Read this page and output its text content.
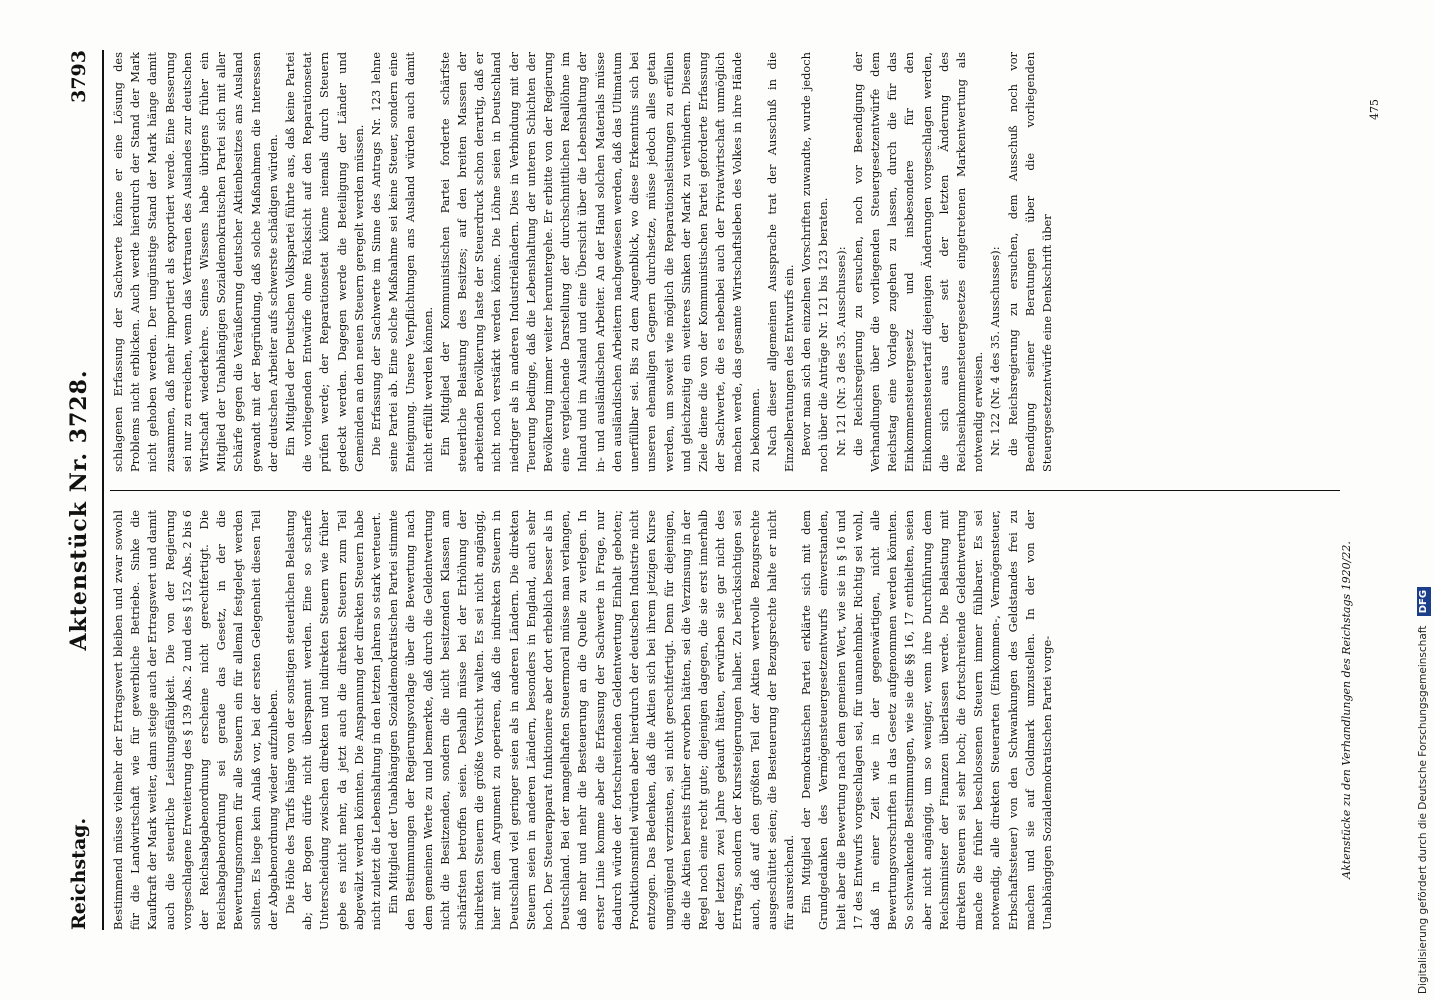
Reichstag.
Aktenstück Nr. 3728.
3793

Bestimmend müsse vielmehr der Ertragswert bleiben und zwar sowohl für die Landwirtschaft wie für gewerbliche Betriebe. Sinke die Kaufkraft der Mark weiter, dann steige auch der Ertragswert und damit auch die steuerliche Leistungsfähigkeit. Die von der Regierung vorgeschlagene Erweiterung des § 139 Abs. 2 und des § 152 Abs. 2 bis 6 der Reichsabgabenordnung erscheine nicht gerechtfertigt. Die Reichsabgabenordnung sei gerade das Gesetz, in der die Bewertungsnormen für alle Steuern ein für allemal festgelegt werden sollten. Es liege kein Anlaß vor, bei der ersten Gelegenheit diesen Teil der Abgabenordnung wieder aufzuheben. Die Höhe des Tarifs hänge von der sonstigen steuerlichen Belastung ab; der Bogen dürfe nicht überspannt werden. Eine so scharfe Unterscheidung zwischen direkten und indirekten Steuern wie früher gebe es nicht mehr, da jetzt auch die direkten Steuern zum Teil abgewälzt werden könnten. Die Anspannung der direkten Steuern habe nicht zuletzt die Lebenshaltung in den letzten Jahren so stark verteuert. Ein Mitglied der Unabhängigen Sozialdemokratischen Partei stimmte den Bestimmungen der Regierungsvorlage über die Bewertung nach dem gemeinen Werte zu und bemerkte, daß durch die Geldentwertung nicht die Besitzenden, sondern die nicht besitzenden Klassen am schärfsten betroffen seien. Deshalb müsse bei der Erhöhung der indirekten Steuern die größte Vorsicht walten. Es sei nicht angängig, hier mit dem Argument zu operieren, daß die indirekten Steuern in Deutschland viel geringer seien als in anderen Ländern. Die direkten Steuern seien in anderen Ländern, besonders in England, auch sehr hoch. Der Steuerapparat funktioniere aber dort erheblich besser als in Deutschland. Bei der mangelhaften Steuermoral müsse man verlangen, daß mehr und mehr die Besteuerung an die Quelle zu verlegen. In erster Linie komme aber die Erfassung der Sachwerte in Frage, nur dadurch würde der fortschreitenden Geldentwertung Einhalt geboten; Produktionsmittel würden aber hierdurch der deutschen Industrie nicht entzogen. Das Bedenken, daß die Aktien sich bei ihrem jetzigen Kurse ungenügend verzinsten, sei nicht gerechtfertigt. Denn für diejenigen, die die Aktien bereits früher erworben hätten, sei die Verzinsung in der Regel noch eine recht gute; diejenigen dagegen, die sie erst innerhalb der letzten zwei Jahre gekauft hätten, erwürben sie gar nicht des Ertrags, sondern der Kurssteigerungen halber. Zu berücksichtigen sei auch, daß auf den größten Teil der Aktien wertvolle Bezugsrechte ausgeschüttet seien; die Besteuerung der Bezugsrechte halte er nicht für ausreichend. Ein Mitglied der Demokratischen Partei erklärte sich mit dem Grundgedanken des Vermögensteuergesetzentwurfs einverstanden, hielt aber die Bewertung nach dem gemeinen Wert, wie sie in § 16 und 17 des Entwurfs vorgeschlagen sei, für unannehmbar. Richtig sei wohl, daß in einer Zeit wie in der gegenwärtigen, nicht alle Bewertungsvorschriften in das Gesetz aufgenommen werden könnten. So schwankende Bestimmungen, wie sie die §§ 16, 17 enthielten, seien aber nicht angängig, um so weniger, wenn ihre Durchführung dem Reichsminister der Finanzen überlassen werde. Die Belastung mit direkten Steuern sei sehr hoch; die fortschreitende Geldentwertung mache die früher beschlossenen Steuern immer fühlbarer. Es sei notwendig, alle direkten Steuerarten (Einkommen-, Vermögensteuer, Erbschaftssteuer) von den Schwankungen des Geldstandes frei zu machen und sie auf Goldmark umzustellen. In der von der Unabhängigen Sozialdemokratischen Partei vorge-

schlagenen Erfassung der Sachwerte könne er eine Lösung des Problems nicht erblicken. Auch werde hierdurch der Stand der Mark nicht gehoben werden. Der ungünstige Stand der Mark hänge damit zusammen, daß mehr importiert als exportiert werde. Eine Besserung sei nur zu erreichen, wenn das Vertrauen des Auslandes zur deutschen Wirtschaft wiederkehre. Seines Wissens habe übrigens früher ein Mitglied der Unabhängigen Sozialdemokratischen Partei sich mit aller Schärfe gegen die Veräußerung deutscher Aktienbesitzes ans Ausland gewandt mit der Begründung, daß solche Maßnahmen die Interessen der deutschen Arbeiter aufs schwerste schädigen würden. Ein Mitglied der Deutschen Volkspartei führte aus, daß keine Partei die vorliegenden Entwürfe ohne Rücksicht auf den Reparationsetat prüfen werde; der Reparationsetat könne niemals durch Steuern gedeckt werden. Dagegen werde die Beteiligung der Länder und Gemeinden an den neuen Steuern geregelt werden müssen. Die Erfassung der Sachwerte im Sinne des Antrags Nr. 123 lehne seine Partei ab. Eine solche Maßnahme sei keine Steuer, sondern eine Enteignung. Unsere Verpflichtungen ans Ausland würden auch damit nicht erfüllt werden können. Ein Mitglied der Kommunistischen Partei forderte schärfste steuerliche Belastung des Besitzes; auf den breiten Massen der arbeitenden Bevölkerung laste der Steuerdruck schon derartig, daß er nicht noch verstärkt werden könne. Die Löhne seien in Deutschland niedriger als in anderen Industrieländern. Dies in Verbindung mit der Teuerung bedinge, daß die Lebenshaltung der unteren Schichten der Bevölkerung immer weiter heruntergehe. Er erbitte von der Regierung eine vergleichende Darstellung der durchschnittlichen Reallöhne im Inland und im Ausland und eine Übersicht über die Lebenshaltung der in- und ausländischen Arbeiter. An der Hand solchen Materials müsse den ausländischen Arbeitern nachgewiesen werden, daß das Ultimatum unerfüllbar sei. Bis zu dem Augenblick, wo diese Erkenntnis sich bei unseren ehemaligen Gegnern durchsetze, müsse jedoch alles getan werden, um soweit wie möglich die Reparationsleistungen zu erfüllen und gleichzeitig ein weiteres Sinken der Mark zu verhindern. Diesem Ziele diene die von der Kommunistischen Partei geforderte Erfassung der Sachwerte, die es nebenbei auch der Privatwirtschaft unmöglich machen werde, das gesamte Wirtschaftsleben des Volkes in ihre Hände zu bekommen. Nach dieser allgemeinen Aussprache trat der Ausschuß in die Einzelberatungen des Entwurfs ein. Bevor man sich den einzelnen Vorschriften zuwandte, wurde jedoch noch über die Anträge Nr. 121 bis 123 beraten. Nr. 121 (Nr. 3 des 35. Ausschusses): die Reichsregierung zu ersuchen, noch vor Beendigung der Verhandlungen über die vorliegenden Steuergesetzentwürfe dem Reichstag eine Vorlage zugehen zu lassen, durch die für das Einkommensteuergesetz und insbesondere für den Einkommensteuertarif diejenigen Änderungen vorgeschlagen werden, die sich aus der seit der letzten Änderung des Reichseinkommensteuergesetzes eingetretenen Markentwertung als notwendig erweisen. Nr. 122 (Nr. 4 des 35. Ausschusses): die Reichsregierung zu ersuchen, dem Ausschuß noch vor Beendigung seiner Beratungen über die vorliegenden Steuergesetzentwürfe eine Denkschrift über

Aktenstücke zu den Verhandlungen des Reichstags 1920/22.
475
Digitalisierung gefördert durch die Deutsche Forschungsgemeinschaft DFG
